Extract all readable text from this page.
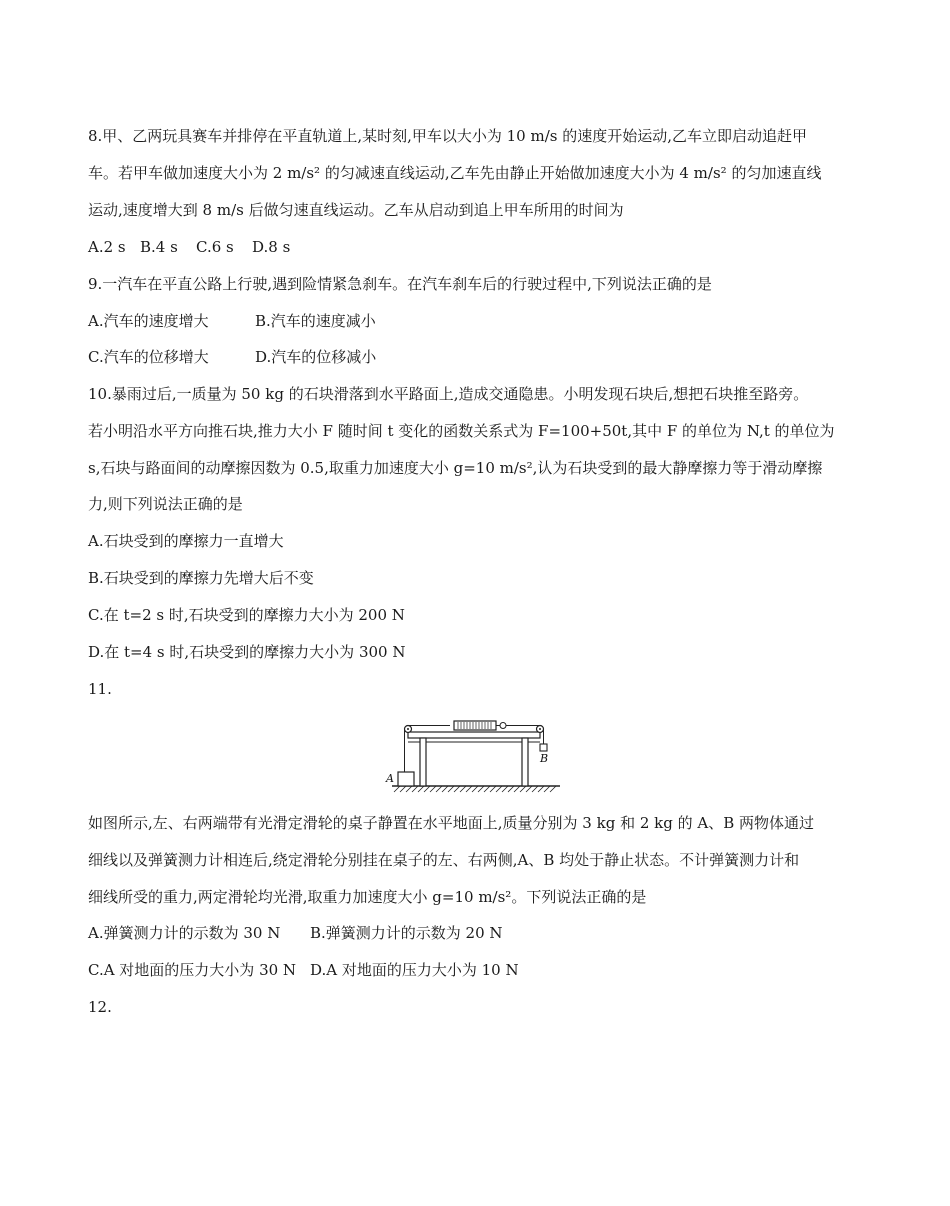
8.甲、乙两玩具赛车并排停在平直轨道上,某时刻,甲车以大小为 10 m/s 的速度开始运动,乙车立即启动追赶甲
车。若甲车做加速度大小为 2 m/s² 的匀减速直线运动,乙车先由静止开始做加速度大小为 4 m/s² 的匀加速直线
运动,速度增大到 8 m/s 后做匀速直线运动。乙车从启动到追上甲车所用的时间为
A.2 s B.4 s C.6 s D.8 s
9.一汽车在平直公路上行驶,遇到险情紧急刹车。在汽车刹车后的行驶过程中,下列说法正确的是
A.汽车的速度增大	B.汽车的速度减小
C.汽车的位移增大	D.汽车的位移减小
10.暴雨过后,一质量为 50 kg 的石块滑落到水平路面上,造成交通隐患。小明发现石块后,想把石块推至路旁。
若小明沿水平方向推石块,推力大小 F 随时间 t 变化的函数关系式为 F=100+50t,其中 F 的单位为 N,t 的单位为
s,石块与路面间的动摩擦因数为 0.5,取重力加速度大小 g=10 m/s²,认为石块受到的最大静摩擦力等于滑动摩擦
力,则下列说法正确的是
A.石块受到的摩擦力一直增大
B.石块受到的摩擦力先增大后不变
C.在 t=2 s 时,石块受到的摩擦力大小为 200 N
D.在 t=4 s 时,石块受到的摩擦力大小为 300 N
11.
A
B
如图所示,左、右两端带有光滑定滑轮的桌子静置在水平地面上,质量分别为 3 kg 和 2 kg 的 A、B 两物体通过
细线以及弹簧测力计相连后,绕定滑轮分别挂在桌子的左、右两侧,A、B 均处于静止状态。不计弹簧测力计和
细线所受的重力,两定滑轮均光滑,取重力加速度大小 g=10 m/s²。下列说法正确的是
A.弹簧测力计的示数为 30 N B.弹簧测力计的示数为 20 N
C.A 对地面的压力大小为 30 N D.A 对地面的压力大小为 10 N
12.
